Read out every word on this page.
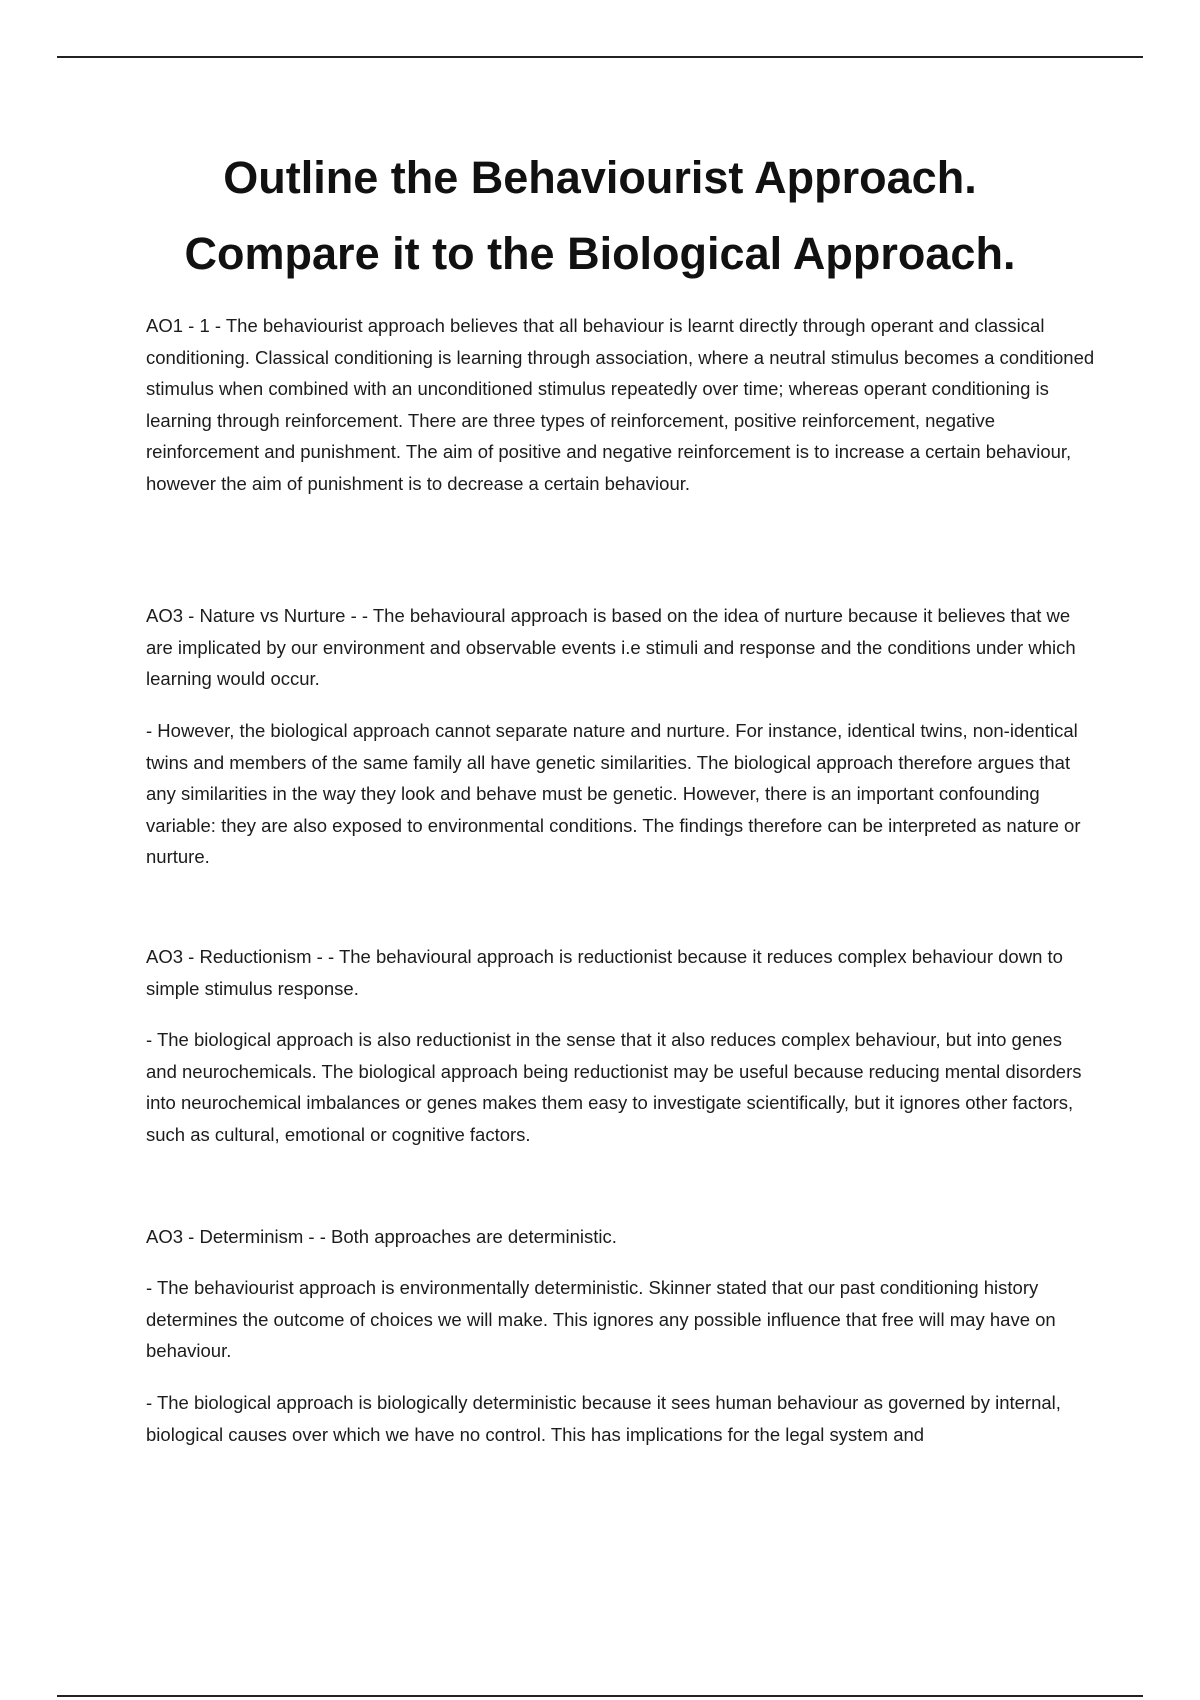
Outline the Behaviourist Approach.
Compare it to the Biological Approach.

AO1 - 1 - The behaviourist approach believes that all behaviour is learnt directly through operant and classical conditioning. Classical conditioning is learning through association, where a neutral stimulus becomes a conditioned stimulus when combined with an unconditioned stimulus repeatedly over time; whereas operant conditioning is learning through reinforcement. There are three types of reinforcement, positive reinforcement, negative reinforcement and punishment. The aim of positive and negative reinforcement is to increase a certain behaviour, however the aim of punishment is to decrease a certain behaviour.

AO3 - Nature vs Nurture - - The behavioural approach is based on the idea of nurture because it believes that we are implicated by our environment and observable events i.e stimuli and response and the conditions under which learning would occur.

- However, the biological approach cannot separate nature and nurture. For instance, identical twins, non-identical twins and members of the same family all have genetic similarities. The biological approach therefore argues that any similarities in the way they look and behave must be genetic. However, there is an important confounding variable: they are also exposed to environmental conditions. The findings therefore can be interpreted as nature or nurture.

AO3 - Reductionism - - The behavioural approach is reductionist because it reduces complex behaviour down to simple stimulus response.

- The biological approach is also reductionist in the sense that it also reduces complex behaviour, but into genes and neurochemicals. The biological approach being reductionist may be useful because reducing mental disorders into neurochemical imbalances or genes makes them easy to investigate scientifically, but it ignores other factors, such as cultural, emotional or cognitive factors.

AO3 - Determinism - - Both approaches are deterministic.

- The behaviourist approach is environmentally deterministic. Skinner stated that our past conditioning history determines the outcome of choices we will make. This ignores any possible influence that free will may have on behaviour.

- The biological approach is biologically deterministic because it sees human behaviour as governed by internal, biological causes over which we have no control. This has implications for the legal system and
